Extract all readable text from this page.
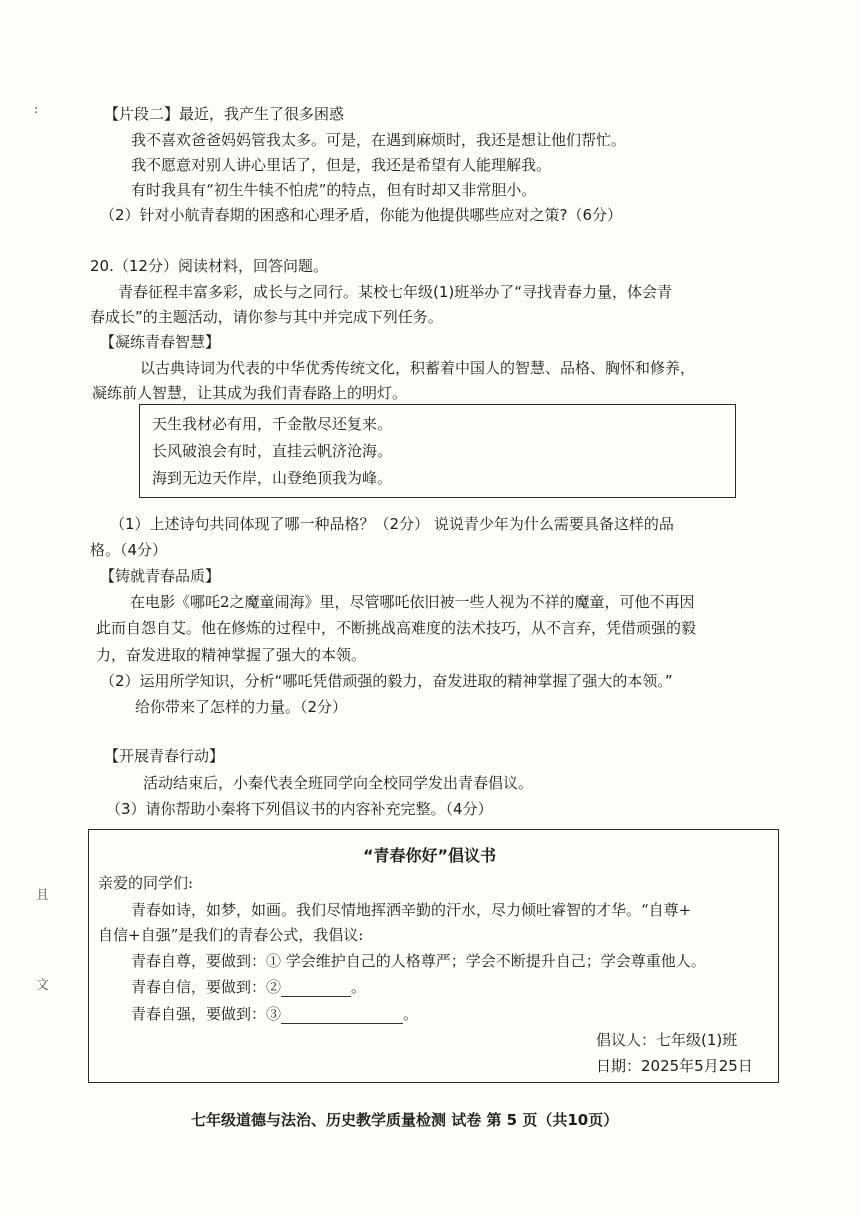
:
且
文
【片段二】最近，我产生了很多困惑
我不喜欢爸爸妈妈管我太多。可是，在遇到麻烦时，我还是想让他们帮忙。
我不愿意对别人讲心里话了，但是，我还是希望有人能理解我。
有时我具有“初生牛犊不怕虎”的特点，但有时却又非常胆小。
（2）针对小航青春期的困惑和心理矛盾，你能为他提供哪些应对之策?（6分）
20.（12分）阅读材料，回答问题。
青春征程丰富多彩，成长与之同行。某校七年级(1)班举办了“寻找青春力量，体会青
春成长”的主题活动，请你参与其中并完成下列任务。
【凝练青春智慧】
以古典诗词为代表的中华优秀传统文化，积蓄着中国人的智慧、品格、胸怀和修养，
凝练前人智慧，让其成为我们青春路上的明灯。
天生我材必有用，千金散尽还复来。
长风破浪会有时，直挂云帆济沧海。
海到无边天作岸，山登绝顶我为峰。
（1）上述诗句共同体现了哪一种品格？（2分） 说说青少年为什么需要具备这样的品
格。（4分）
【铸就青春品质】
在电影《哪吒2之魔童闹海》里，尽管哪吒依旧被一些人视为不祥的魔童，可他不再因
此而自怨自艾。他在修炼的过程中，不断挑战高难度的法术技巧，从不言弃，凭借顽强的毅
力，奋发进取的精神掌握了强大的本领。
（2）运用所学知识，分析“哪吒凭借顽强的毅力，奋发进取的精神掌握了强大的本领。”
给你带来了怎样的力量。（2分）
【开展青春行动】
活动结束后，小秦代表全班同学向全校同学发出青春倡议。
（3）请你帮助小秦将下列倡议书的内容补充完整。（4分）
“青春你好”倡议书
亲爱的同学们:
青春如诗，如梦，如画。我们尽情地挥洒辛勤的汗水，尽力倾吐睿智的才华。“自尊+
自信+自强”是我们的青春公式，我倡议:
青春自尊，要做到：① 学会维护自己的人格尊严；学会不断提升自己；学会尊重他人。
青春自信，要做到：②	。
青春自强，要做到：③	。
倡议人：七年级(1)班
日期：2025年5月25日
七年级道德与法治、历史教学质量检测 试卷 第 5 页（共10页）
